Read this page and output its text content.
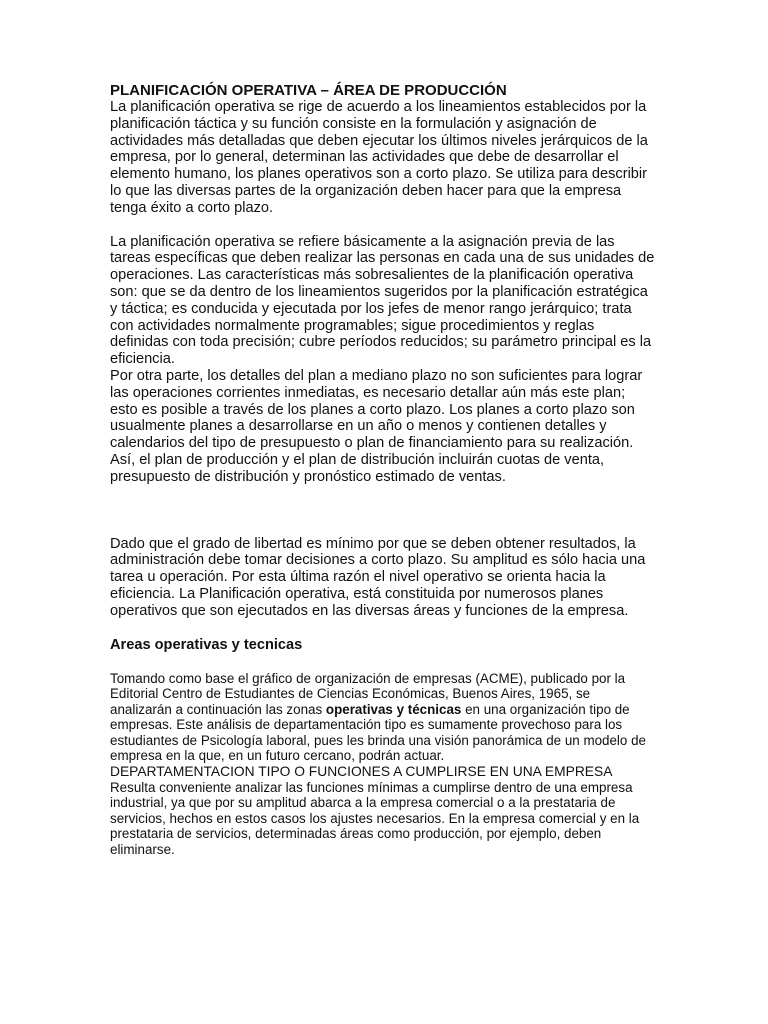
PLANIFICACIÓN OPERATIVA – ÁREA DE PRODUCCIÓN

La planificación operativa se rige de acuerdo a los lineamientos establecidos por la planificación táctica y su función consiste en la formulación y asignación de actividades más detalladas que deben ejecutar los últimos niveles jerárquicos de la empresa, por lo general, determinan las actividades que debe de desarrollar el elemento humano, los planes operativos son a corto plazo. Se utiliza para describir lo que las diversas partes de la organización deben hacer para que la empresa tenga éxito a corto plazo.

La planificación operativa se refiere básicamente a la asignación previa de las tareas específicas que deben realizar las personas en cada una de sus unidades de operaciones. Las características más sobresalientes de la planificación operativa son: que se da dentro de los lineamientos sugeridos por la planificación estratégica y táctica; es conducida y ejecutada por los jefes de menor rango jerárquico; trata con actividades normalmente programables; sigue procedimientos y reglas definidas con toda precisión; cubre períodos reducidos; su parámetro principal es la eficiencia.

Por otra parte, los detalles del plan a mediano plazo no son suficientes para lograr las operaciones corrientes inmediatas, es necesario detallar aún más este plan; esto es posible a través de los planes a corto plazo. Los planes a corto plazo son usualmente planes a desarrollarse en un año o menos y contienen detalles y calendarios del tipo de presupuesto o plan de financiamiento para su realización. Así, el plan de producción y el plan de distribución incluirán cuotas de venta, presupuesto de distribución y pronóstico estimado de ventas.

Dado que el grado de libertad es mínimo por que se deben obtener resultados, la administración debe tomar decisiones a corto plazo. Su amplitud es sólo hacia una tarea u operación. Por esta última razón el nivel operativo se orienta hacia la eficiencia. La Planificación operativa, está constituida por numerosos planes operativos que son ejecutados en las diversas áreas y funciones de la empresa.

Areas operativas y tecnicas

Tomando como base el gráfico de organización de empresas (ACME), publicado por la Editorial Centro de Estudiantes de Ciencias Económicas, Buenos Aires, 1965, se analizarán a continuación las zonas operativas y técnicas en una organización tipo de empresas. Este análisis de departamentación tipo es sumamente provechoso para los estudiantes de Psicología laboral, pues les brinda una visión panorámica de un modelo de empresa en la que, en un futuro cercano, podrán actuar.

DEPARTAMENTACION TIPO O FUNCIONES A CUMPLIRSE EN UNA EMPRESA

Resulta conveniente analizar las funciones mínimas a cumplirse dentro de una empresa industrial, ya que por su amplitud abarca a la empresa comercial o a la prestataria de servicios, hechos en estos casos los ajustes necesarios. En la empresa comercial y en la prestataria de servicios, determinadas áreas como producción, por ejemplo, deben eliminarse.
